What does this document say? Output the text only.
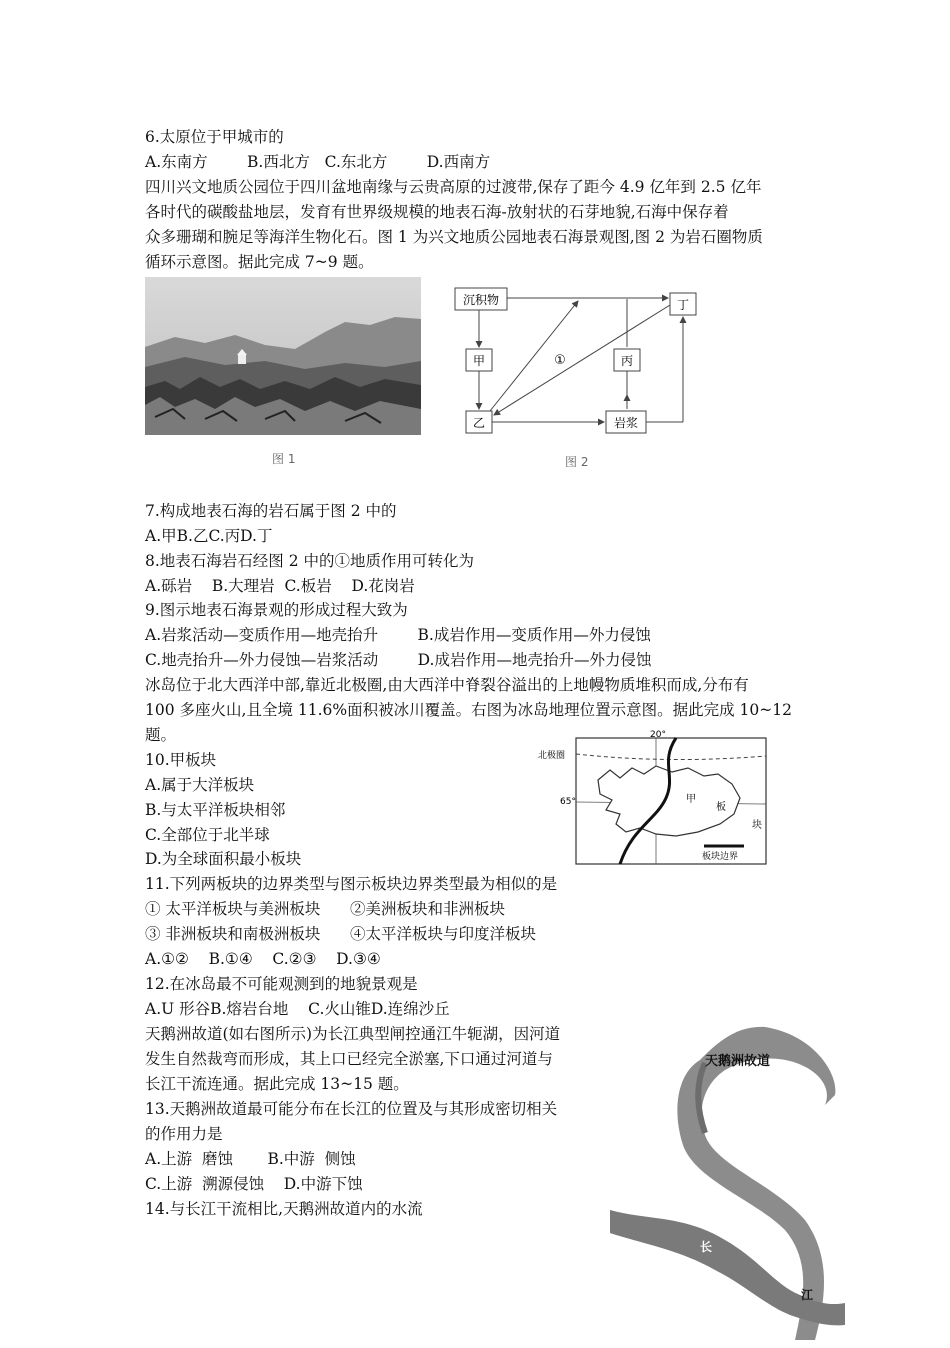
6.太原位于甲城市的

A.东南方        B.西北方   C.东北方        D.西南方

四川兴文地质公园位于四川盆地南缘与云贵高原的过渡带,保存了距今 4.9 亿年到 2.5 亿年

各时代的碳酸盐地层，发育有世界级规模的地表石海-放射状的石芽地貌,石海中保存着

众多珊瑚和腕足等海洋生物化石。图 1 为兴文地质公园地表石海景观图,图 2 为岩石圈物质

循环示意图。据此完成 7~9 题。

图 1
沉积物
甲
乙
丙
丁
岩浆
①
图 2

7.构成地表石海的岩石属于图 2 中的

A.甲B.乙C.丙D.丁

8.地表石海岩石经图 2 中的①地质作用可转化为

A.砾岩    B.大理岩  C.板岩    D.花岗岩

9.图示地表石海景观的形成过程大致为

A.岩浆活动—变质作用—地壳抬升        B.成岩作用—变质作用—外力侵蚀

C.地壳抬升—外力侵蚀—岩浆活动        D.成岩作用—地壳抬升—外力侵蚀

冰岛位于北大西洋中部,靠近北极圈,由大西洋中脊裂谷溢出的上地幔物质堆积而成,分布有

100 多座火山,且全境 11.6%面积被冰川覆盖。右图为冰岛地理位置示意图。据此完成 10~12

题。

10.甲板块

A.属于大洋板块

B.与太平洋板块相邻

C.全部位于北半球

D.为全球面积最小板块

11.下列两板块的边界类型与图示板块边界类型最为相似的是

① 太平洋板块与美洲板块      ②美洲板块和非洲板块

③ 非洲板块和南极洲板块      ④太平洋板块与印度洋板块

A.①②    B.①④    C.②③    D.③④

12.在冰岛最不可能观测到的地貌景观是

A.U 形谷B.熔岩台地    C.火山锥D.连绵沙丘

20°
北极圈
65°	甲
板
块
板块边界

天鹅洲故道(如右图所示)为长江典型闸控通江牛轭湖，因河道

发生自然裁弯而形成，其上口已经完全淤塞,下口通过河道与

长江干流连通。据此完成 13~15 题。

13.天鹅洲故道最可能分布在长江的位置及与其形成密切相关

的作用力是

A.上游  磨蚀       B.中游  侧蚀

C.上游  溯源侵蚀    D.中游下蚀

14.与长江干流相比,天鹅洲故道内的水流

天鹅洲故道
长
江
